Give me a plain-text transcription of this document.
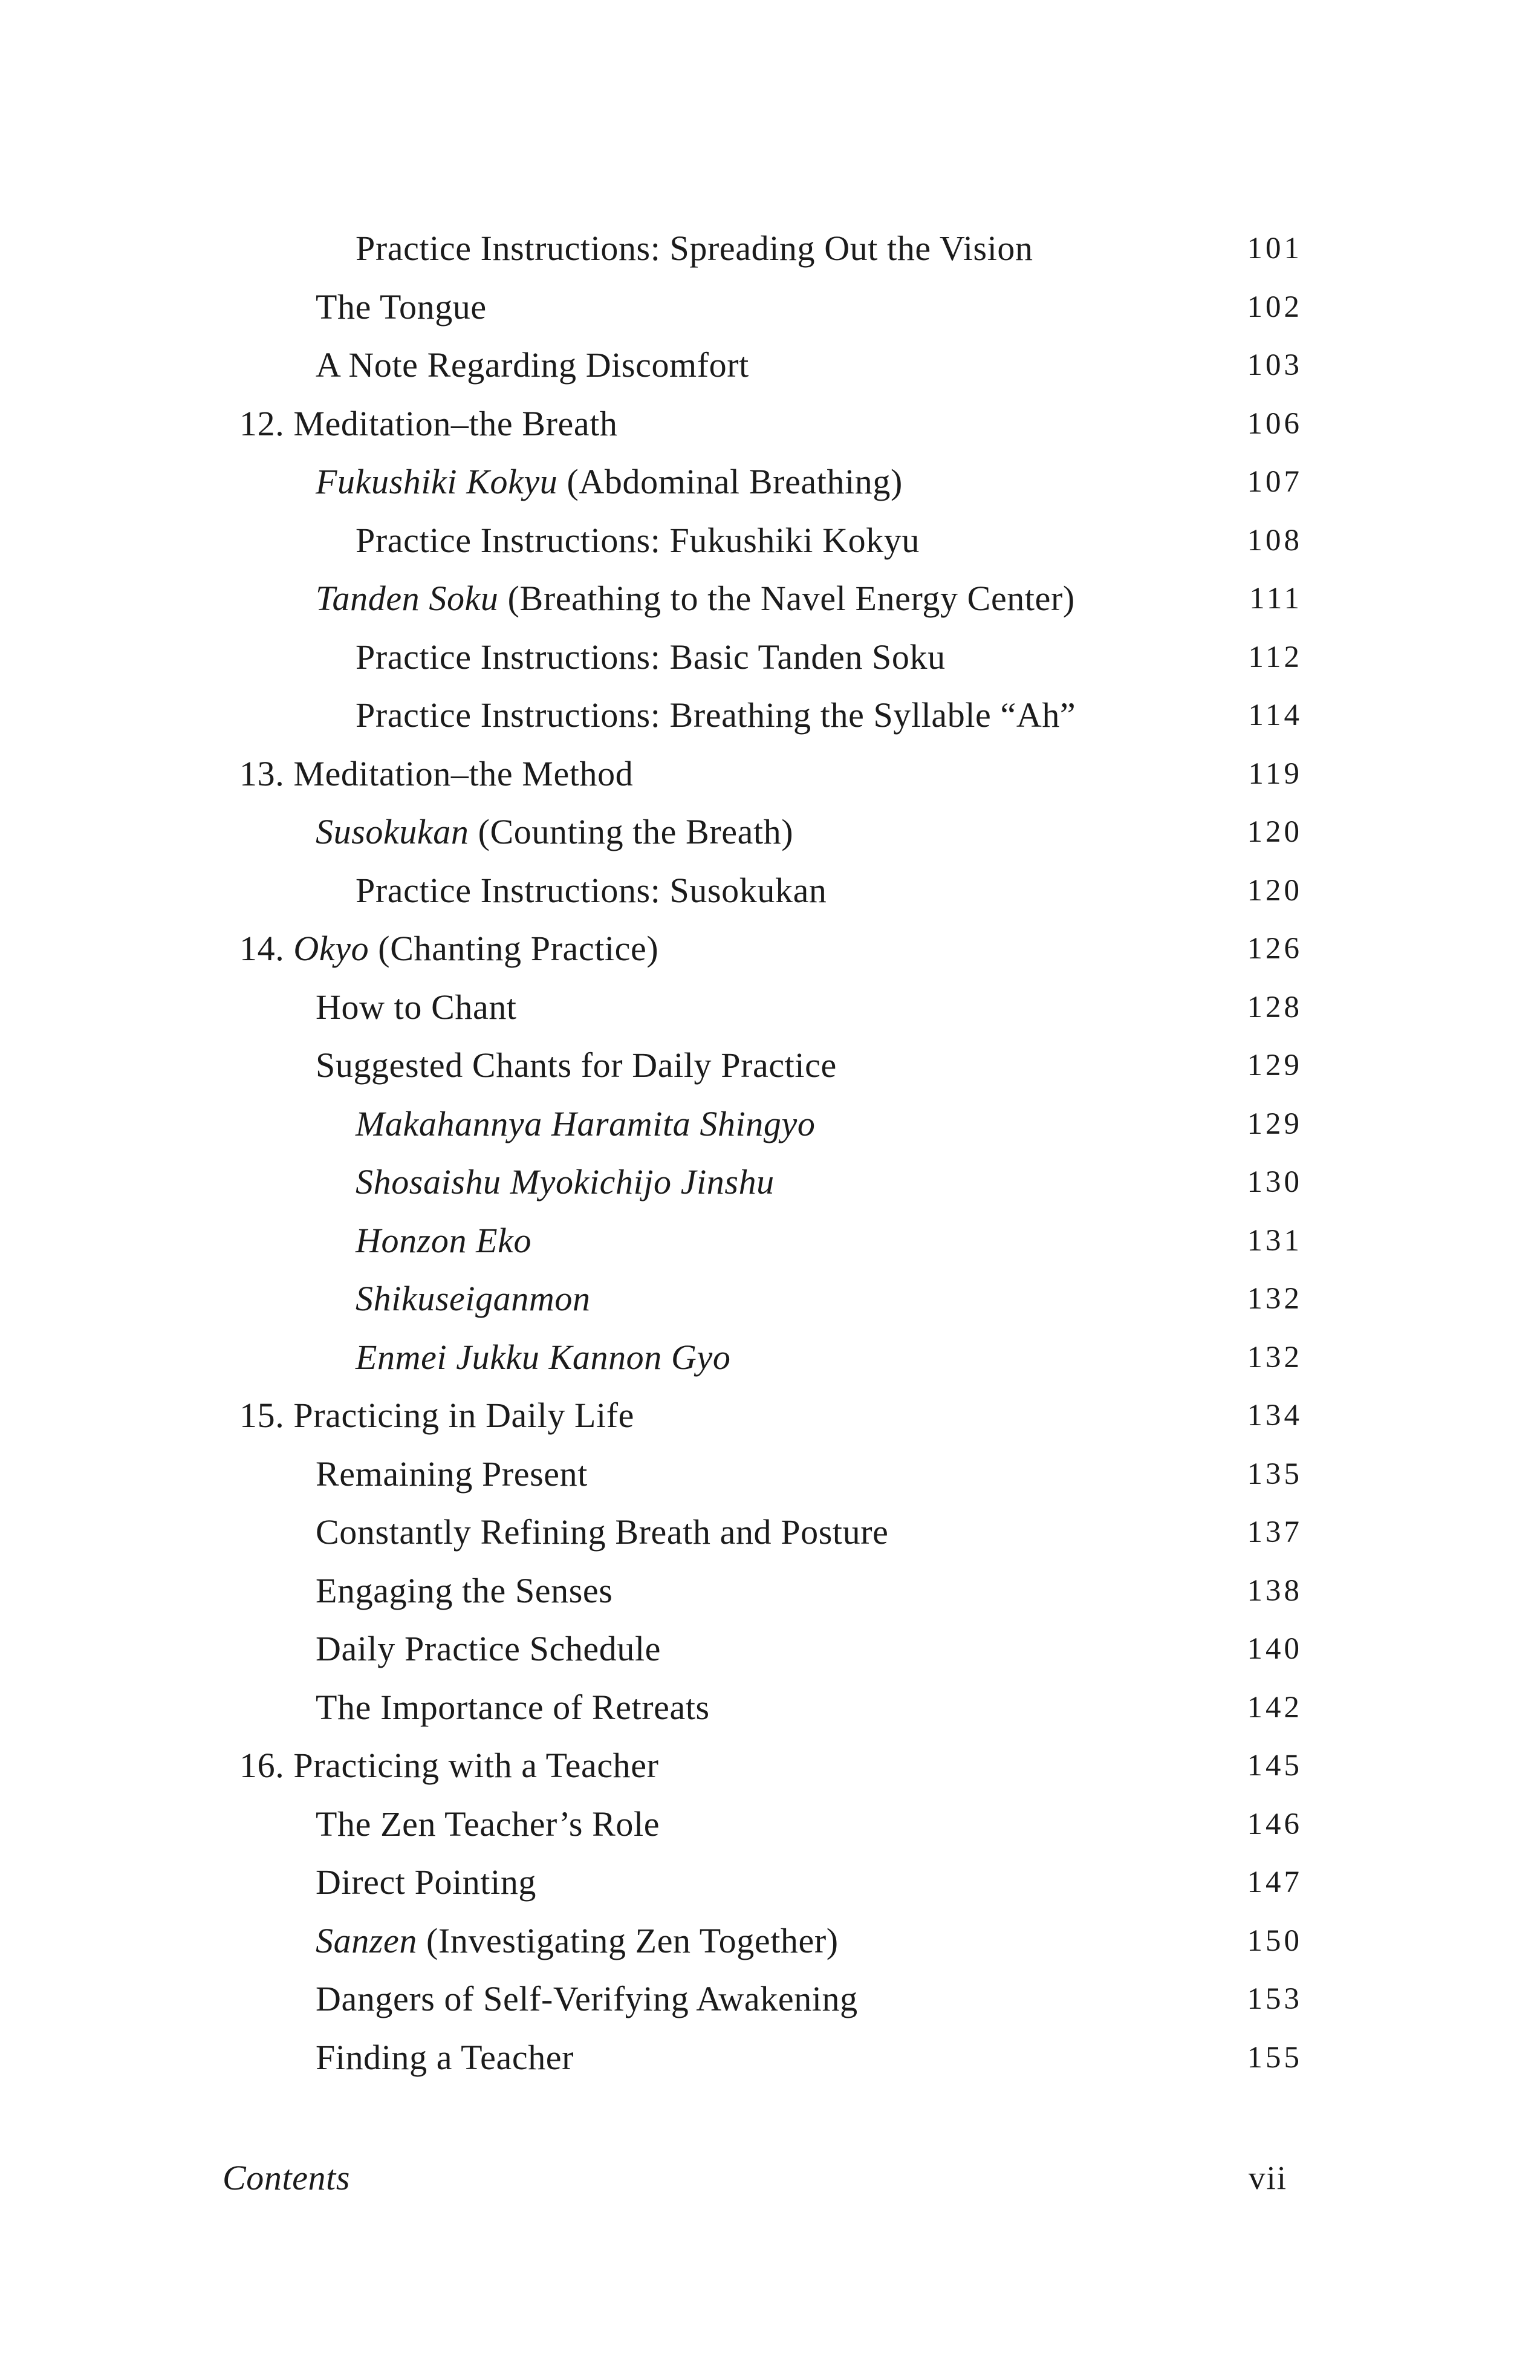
Practice Instructions: Spreading Out the Vision	101
The Tongue	102
A Note Regarding Discomfort	103
12. Meditation–the Breath	106
Fukushiki Kokyu (Abdominal Breathing)	107
Practice Instructions: Fukushiki Kokyu	108
Tanden Soku (Breathing to the Navel Energy Center)	111
Practice Instructions: Basic Tanden Soku	112
Practice Instructions: Breathing the Syllable “Ah”	114
13. Meditation–the Method	119
Susokukan (Counting the Breath)	120
Practice Instructions: Susokukan	120
14. Okyo (Chanting Practice)	126
How to Chant	128
Suggested Chants for Daily Practice	129
Makahannya Haramita Shingyo	129
Shosaishu Myokichijo Jinshu	130
Honzon Eko	131
Shikuseiganmon	132
Enmei Jukku Kannon Gyo	132
15. Practicing in Daily Life	134
Remaining Present	135
Constantly Refining Breath and Posture	137
Engaging the Senses	138
Daily Practice Schedule	140
The Importance of Retreats	142
16. Practicing with a Teacher	145
The Zen Teacher’s Role	146
Direct Pointing	147
Sanzen (Investigating Zen Together)	150
Dangers of Self-Verifying Awakening	153
Finding a Teacher	155
Contents	vii
